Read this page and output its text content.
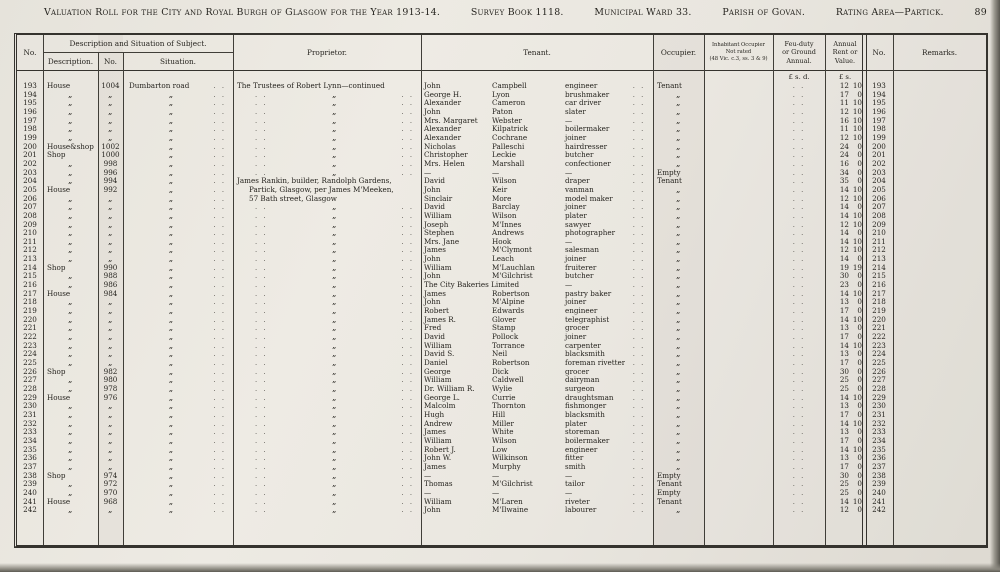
Valuation Roll for the City and Royal Burgh of Glasgow for the Year 1913-14.	Survey Book 1118.	Municipal Ward 33.	Parish of Govan.	Rating Area—Partick.	89
No.
Description and Situation of Subject.
Description.	No.	Situation.
Proprietor.	Tenant.	Occupier.
Inhabitant Occupier
Not rated
(48 Vic. c.3, ss. 3 & 9)
Feu-duty
or Ground
Annual.
Annual
Rent or
Value.
No.	Remarks.
£ s. d.	£ s.
193	House	1004	Dumbarton road	. . The Trustees of Robert Lynn—continued	John	Campbell	engineer	. .	Tenant	. .	12 10	193
194	„	„	„	. .	. .	„	. .	George H.	Lyon	brushmaker	. .	„	. .	17	0	194
195	„	„	„	. .	. .	„	. .	Alexander	Cameron	car driver	. .	„	. .	11 10	195
196	„	„	„	. .	. .	„	. .	John	Paton	slater	. .	„	. .	12 10	196
197	„	„	„	. .	. .	„	. .	Mrs. Margaret	Webster	—	. .	„	. .	16 10	197
198	„	„	„	. .	. .	„	. .	Alexander	Kilpatrick	boilermaker	. .	„	. .	11 10	198
199	„	„	„	. .	. .	„	. .	Alexander	Cochrane	joiner	. .	„	. .	12 10	199
200	House&shop	1002	„	. .	. .	„	. .	Nicholas	Palleschi	hairdresser	. .	„	. .	24	0	200
201	Shop	1000	„	. .	. .	„	. .	Christopher	Leckie	butcher	. .	„	. .	24	0	201
202	„	998	„	. .	. .	„	. .	Mrs. Helen	Marshall	confectioner	. .	„	. .	16	0	202
203	„	996	„	. .	. .	„	. .	—	—	—	. .	Empty	. .	34	0	203
204	„	994	„	. . James Rankin, builder, Randolph Gardens,	David	Wilson	draper	. .	Tenant	. .	35	0	204
205	House	992	„	. .	Partick, Glasgow, per James M'Meeken,	John	Keir	vanman	. .	„	. .	14 10	205
206	„	„	„	. .	57 Bath street, Glasgow	Sinclair	More	model maker	. .	„	. .	12 10	206
207	„	„	„	. .	. .	„	. .	David	Barclay	joiner	. .	„	. .	14	0	207
208	„	„	„	. .	. .	„	. .	William	Wilson	plater	. .	„	. .	14 10	208
209	„	„	„	. .	. .	„	. .	Joseph	M'Innes	sawyer	. .	„	. .	12 10	209
210	„	„	„	. .	. .	„	. .	Stephen	Andrews	photographer	. .	„	. .	14	0	210
211	„	„	„	. .	. .	„	. .	Mrs. Jane	Hook	—	. .	„	. .	14 10	211
212	„	„	„	. .	. .	„	. .	James	M'Clymont	salesman	. .	„	. .	12 10	212
213	„	„	„	. .	. .	„	. .	John	Leach	joiner	. .	„	. .	14	0	213
214	Shop	990	„	. .	. .	„	. .	William	M'Lauchlan	fruiterer	. .	„	. .	19 19	214
215	„	988	„	. .	. .	„	. .	John	M'Gilchrist	butcher	. .	„	. .	30	0	215
216	„	986	„	. .	. .	„	. .	The City Bakeries Limited	—	. .	„	. .	23	0	216
217	House	984	„	. .	. .	„	. .	James	Robertson	pastry baker	. .	„	. .	14 10	217
218	„	„	„	. .	. .	„	. .	John	M'Alpine	joiner	. .	„	. .	13	0	218
219	„	„	„	. .	. .	„	. .	Robert	Edwards	engineer	. .	„	. .	17	0	219
220	„	„	„	. .	. .	„	. .	James R.	Glover	telegraphist	. .	„	. .	14 10	220
221	„	„	„	. .	. .	„	. .	Fred	Stamp	grocer	. .	„	. .	13	0	221
222	„	„	„	. .	. .	„	. .	David	Pollock	joiner	. .	„	. .	17	0	222
223	„	„	„	. .	. .	„	. .	William	Torrance	carpenter	. .	„	. .	14 10	223
224	„	„	„	. .	. .	„	. .	David S.	Neil	blacksmith	. .	„	. .	13	0	224
225	„	„	„	. .	. .	„	. .	Daniel	Robertson	foreman rivetter	. .	„	. .	17	0	225
226	Shop	982	„	. .	. .	„	. .	George	Dick	grocer	. .	„	. .	30	0	226
227	„	980	„	. .	. .	„	. .	William	Caldwell	dairyman	. .	„	. .	25	0	227
228	„	978	„	. .	. .	„	. .	Dr. William R.	Wylie	surgeon	. .	„	. .	25	0	228
229	House	976	„	. .	. .	„	. .	George L.	Currie	draughtsman	. .	„	. .	14 10	229
230	„	„	„	. .	. .	„	. .	Malcolm	Thornton	fishmonger	. .	„	. .	13	0	230
231	„	„	„	. .	. .	„	. .	Hugh	Hill	blacksmith	. .	„	. .	17	0	231
232	„	„	„	. .	. .	„	. .	Andrew	Miller	plater	. .	„	. .	14 10	232
233	„	„	„	. .	. .	„	. .	James	White	storeman	. .	„	. .	13	0	233
234	„	„	„	. .	. .	„	. .	William	Wilson	boilermaker	. .	„	. .	17	0	234
235	„	„	„	. .	. .	„	. .	Robert J.	Low	engineer	. .	„	. .	14 10	235
236	„	„	„	. .	. .	„	. .	John W.	Wilkinson	fitter	. .	„	. .	13	0	236
237	„	„	„	. .	. .	„	. .	James	Murphy	smith	. .	„	. .	17	0	237
238	Shop	974	„	. .	. .	„	. .	—	—	—	. .	Empty	. .	30	0	238
239	„	972	„	. .	. .	„	. .	Thomas	M'Gilchrist	tailor	. .	Tenant	. .	25	0	239
240	„	970	„	. .	. .	„	. .	—	—	—	. .	Empty	. .	25	0	240
241	House	968	„	. .	. .	„	. .	William	M'Laren	riveter	. .	Tenant	. .	14 10	241
242	„	„	„	. .	. .	„	. .	John	M'Ilwaine	labourer	. .	„	. .	12	0	242
